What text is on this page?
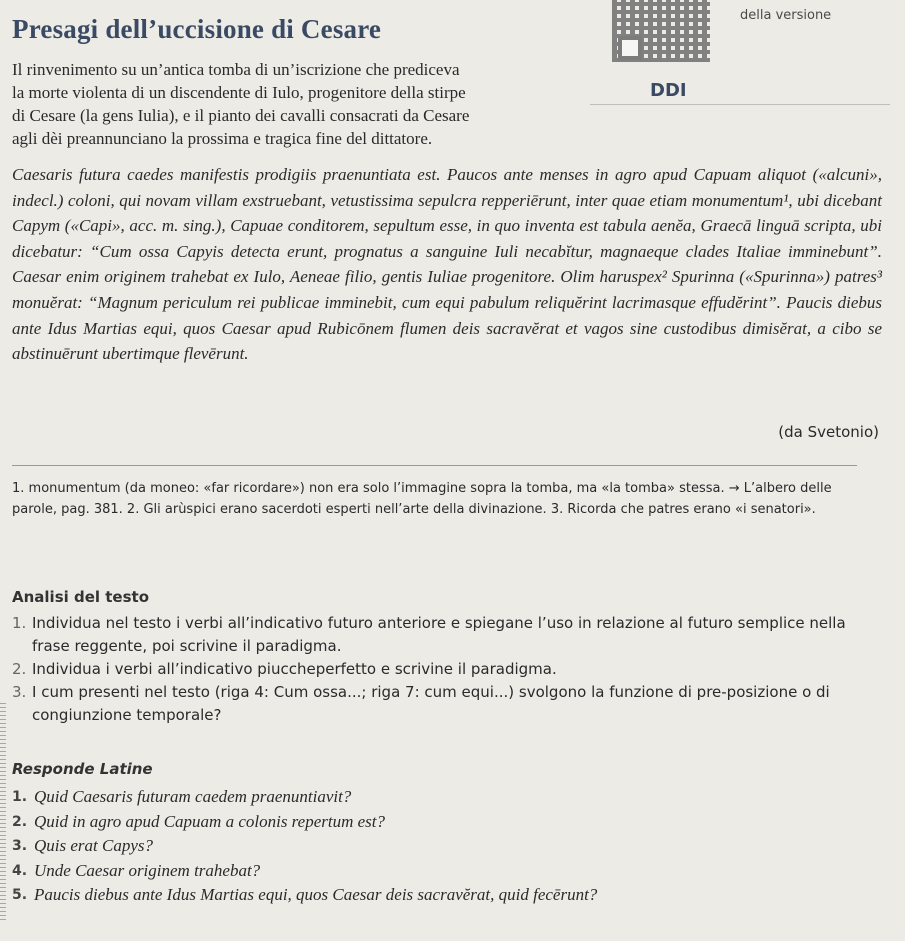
Presagi dell’uccisione di Cesare	della versione
DDI
Il rinvenimento su un’antica tomba di un’iscrizione che prediceva
la morte violenta di un discendente di Iulo, progenitore della stirpe
di Cesare (la gens Iulia), e il pianto dei cavalli consacrati da Cesare
agli dèi preannunciano la prossima e tragica fine del dittatore.
Caesaris futura caedes manifestis prodigiis praenuntiata est. Paucos ante menses in agro apud Capuam aliquot («alcuni», indecl.) coloni, qui novam villam exstruebant, vetustissima sepulcra repperiērunt, inter quae etiam monumentum¹, ubi dicebant Capym («Capi», acc. m. sing.), Capuae conditorem, sepultum esse, in quo inventa est tabula aenĕa, Graecā linguā scripta, ubi dicebatur: “Cum ossa Capyis detecta erunt, prognatus a sanguine Iuli necabĭtur, magnaeque clades Italiae imminebunt”. Caesar enim originem trahebat ex Iulo, Aeneae filio, gentis Iuliae progenitore. Olim haruspex² Spurinna («Spurinna») patres³ monuĕrat: “Magnum periculum rei publicae imminebit, cum equi pabulum reliquĕrint lacrimasque effudĕrint”. Paucis diebus ante Idus Martias equi, quos Caesar apud Rubicōnem flumen deis sacravĕrat et vagos sine custodibus dimisĕrat, a cibo se abstinuērunt ubertimque flevērunt.
(da Svetonio)
1. monumentum (da moneo: «far ricordare») non era solo l’immagine sopra la tomba, ma «la tomba» stessa. → L’albero delle parole, pag. 381. 2. Gli arùspici erano sacerdoti esperti nell’arte della divinazione. 3. Ricorda che patres erano «i senatori».
Analisi del testo
1. Individua nel testo i verbi all’indicativo futuro anteriore e spiegane l’uso in relazione al futuro semplice nella frase reggente, poi scrivine il paradigma.
2. Individua i verbi all’indicativo piuccheperfetto e scrivine il paradigma.
3. I cum presenti nel testo (riga 4: Cum ossa...; riga 7: cum equi...) svolgono la funzione di pre-posizione o di congiunzione temporale?
Responde Latine
1. Quid Caesaris futuram caedem praenuntiavit?
2. Quid in agro apud Capuam a colonis repertum est?
3. Quis erat Capys?
4. Unde Caesar originem trahebat?
5. Paucis diebus ante Idus Martias equi, quos Caesar deis sacravĕrat, quid fecērunt?
